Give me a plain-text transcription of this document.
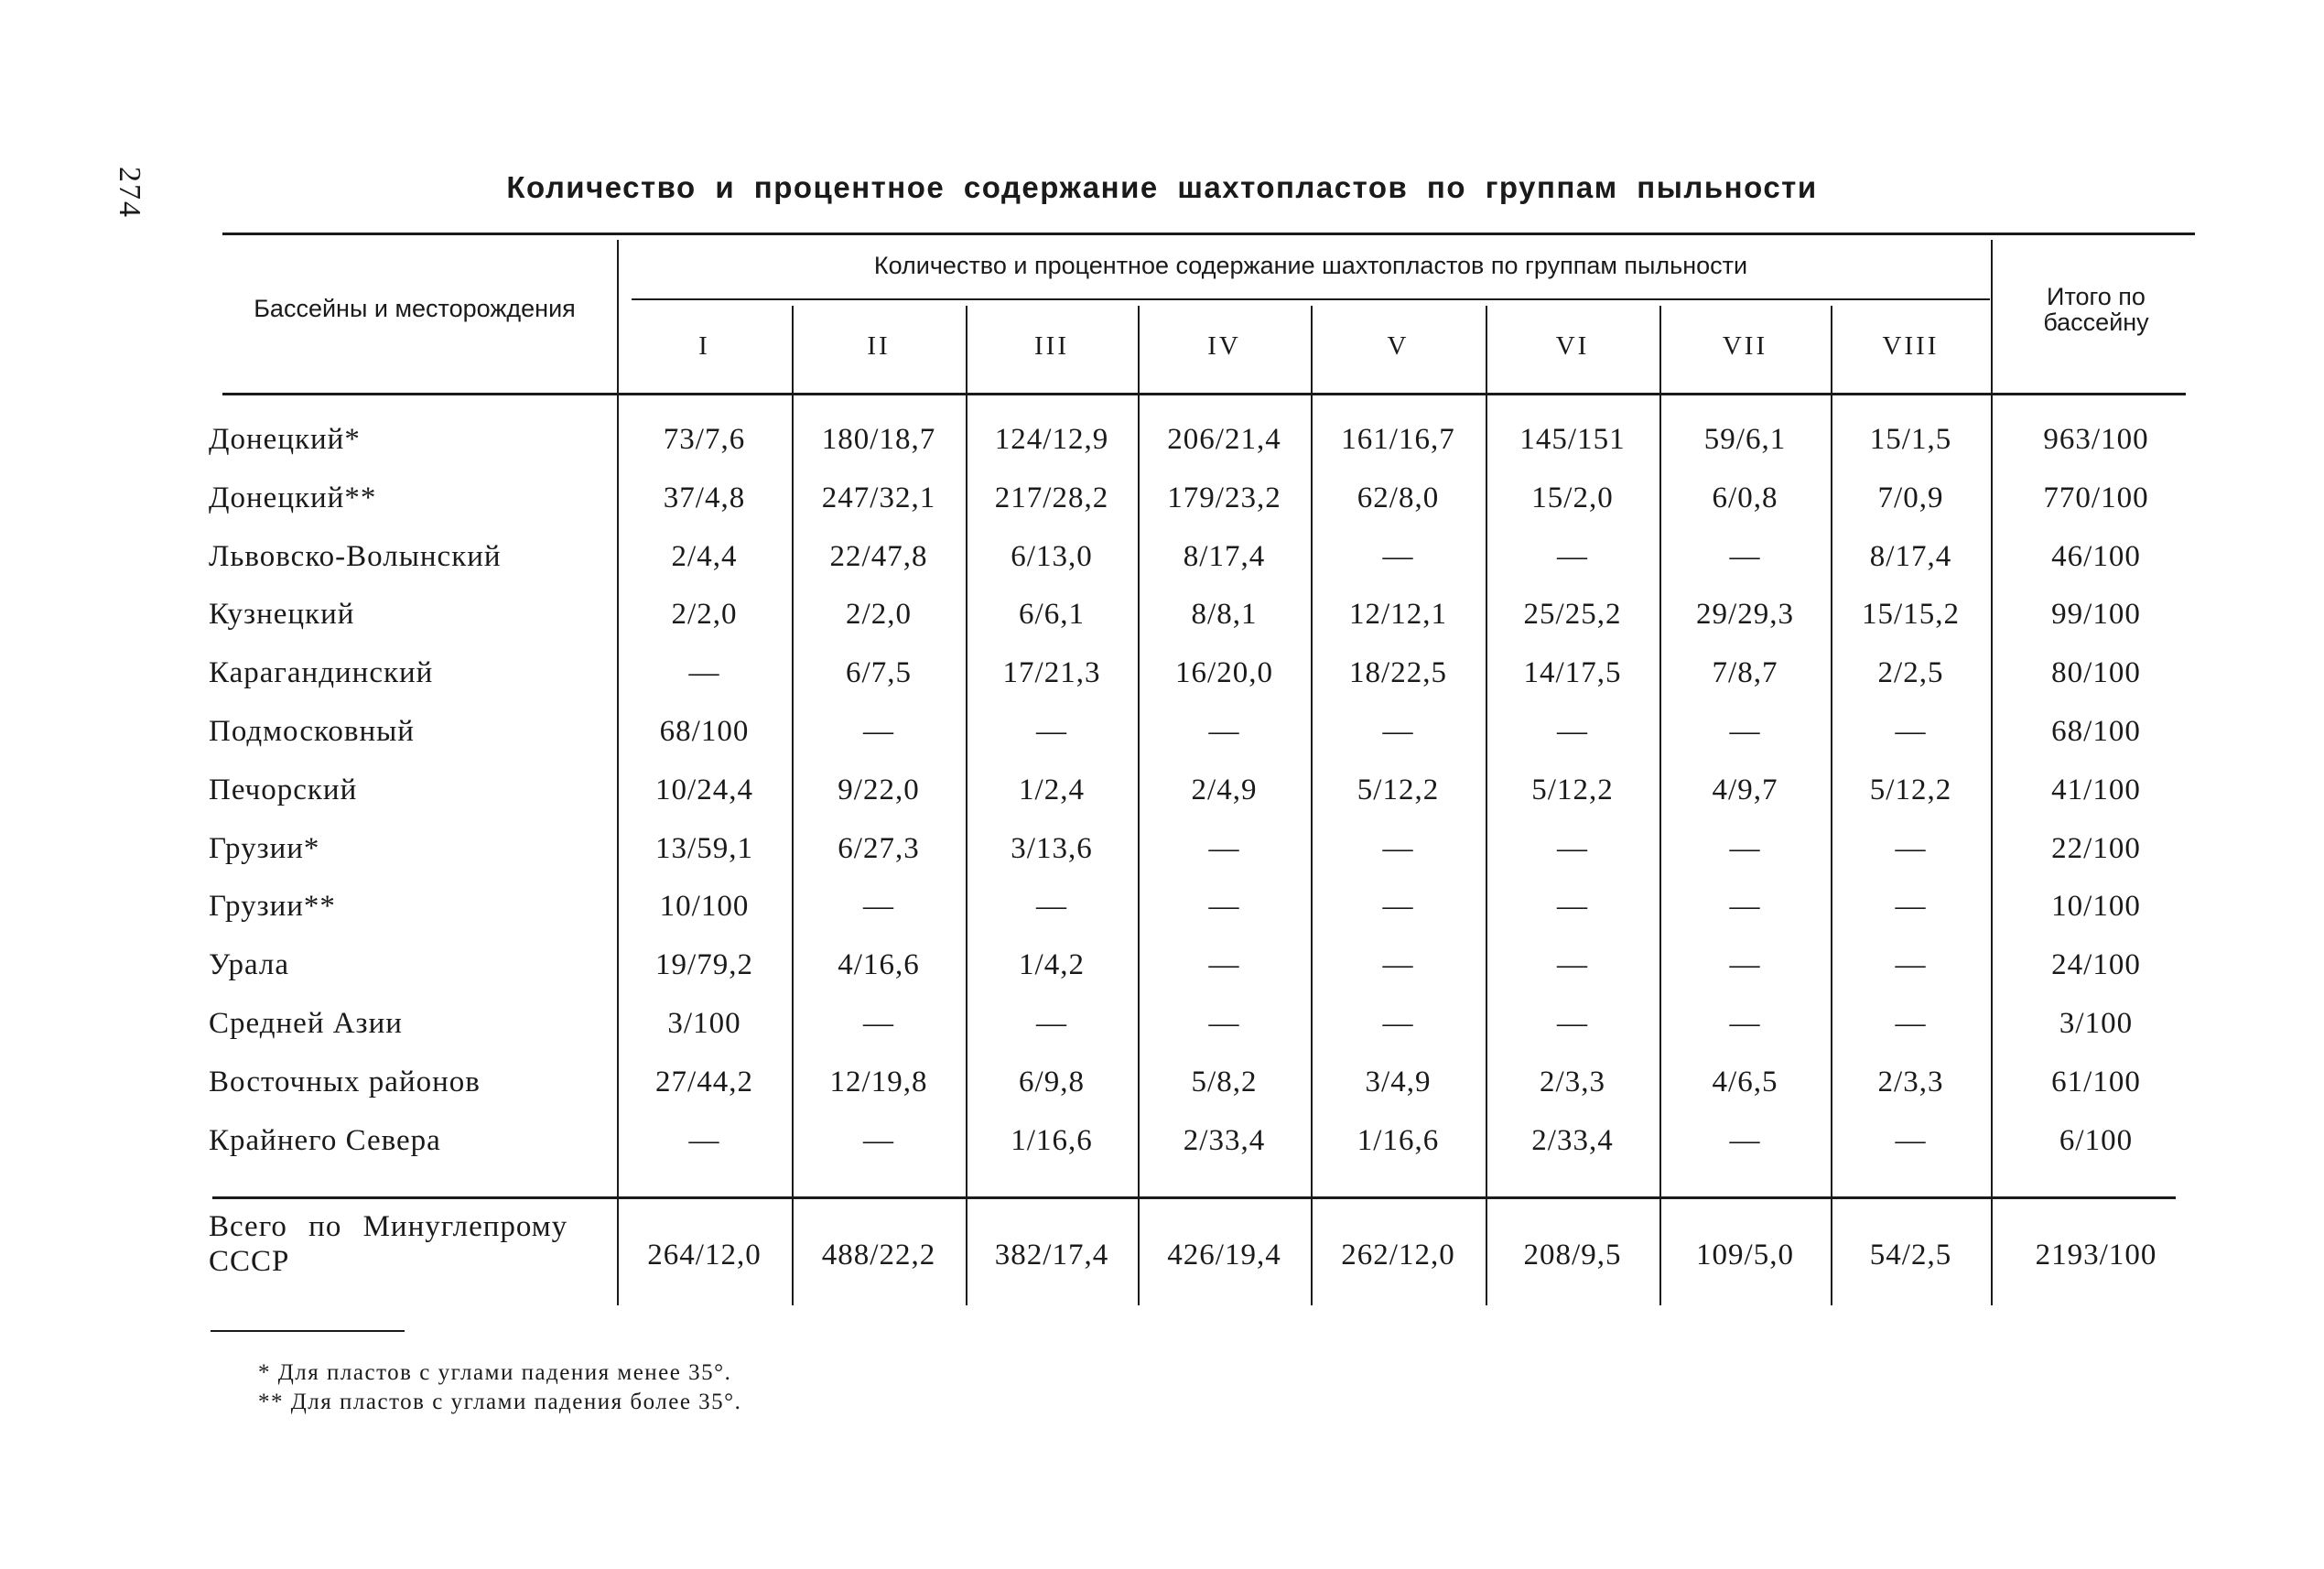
274	Количество и процентное содержание шахтопластов по группам пыльности
Бассейны и месторождения
Количество и процентное содержание шахтопластов по группам пыльности
Итого по бассейну
I	II	III	IV	V	VI	VII	VIII
Донецкий*	73/7,6	180/18,7	124/12,9	206/21,4	161/16,7	145/151	59/6,1	15/1,5	963/100
Донецкий**	37/4,8	247/32,1	217/28,2	179/23,2	62/8,0	15/2,0	6/0,8	7/0,9	770/100
Львовско-Волынский	2/4,4	22/47,8	6/13,0	8/17,4	—	—	—	8/17,4	46/100
Кузнецкий	2/2,0	2/2,0	6/6,1	8/8,1	12/12,1	25/25,2	29/29,3	15/15,2	99/100
Карагандинский	—	6/7,5	17/21,3	16/20,0	18/22,5	14/17,5	7/8,7	2/2,5	80/100
Подмосковный	68/100	—	—	—	—	—	—	—	68/100
Печорский	10/24,4	9/22,0	1/2,4	2/4,9	5/12,2	5/12,2	4/9,7	5/12,2	41/100
Грузии*	13/59,1	6/27,3	3/13,6	—	—	—	—	—	22/100
Грузии**	10/100	—	—	—	—	—	—	—	10/100
Урала	19/79,2	4/16,6	1/4,2	—	—	—	—	—	24/100
Средней Азии	3/100	—	—	—	—	—	—	—	3/100
Восточных районов	27/44,2	12/19,8	6/9,8	5/8,2	3/4,9	2/3,3	4/6,5	2/3,3	61/100
Крайнего Севера	—	—	1/16,6	2/33,4	1/16,6	2/33,4	—	—	6/100
Всего по Минуглепрому
СССР	264/12,0	488/22,2	382/17,4	426/19,4	262/12,0	208/9,5	109/5,0	54/2,5	2193/100
* Для пластов с углами падения менее 35°.
** Для пластов с углами падения более 35°.
